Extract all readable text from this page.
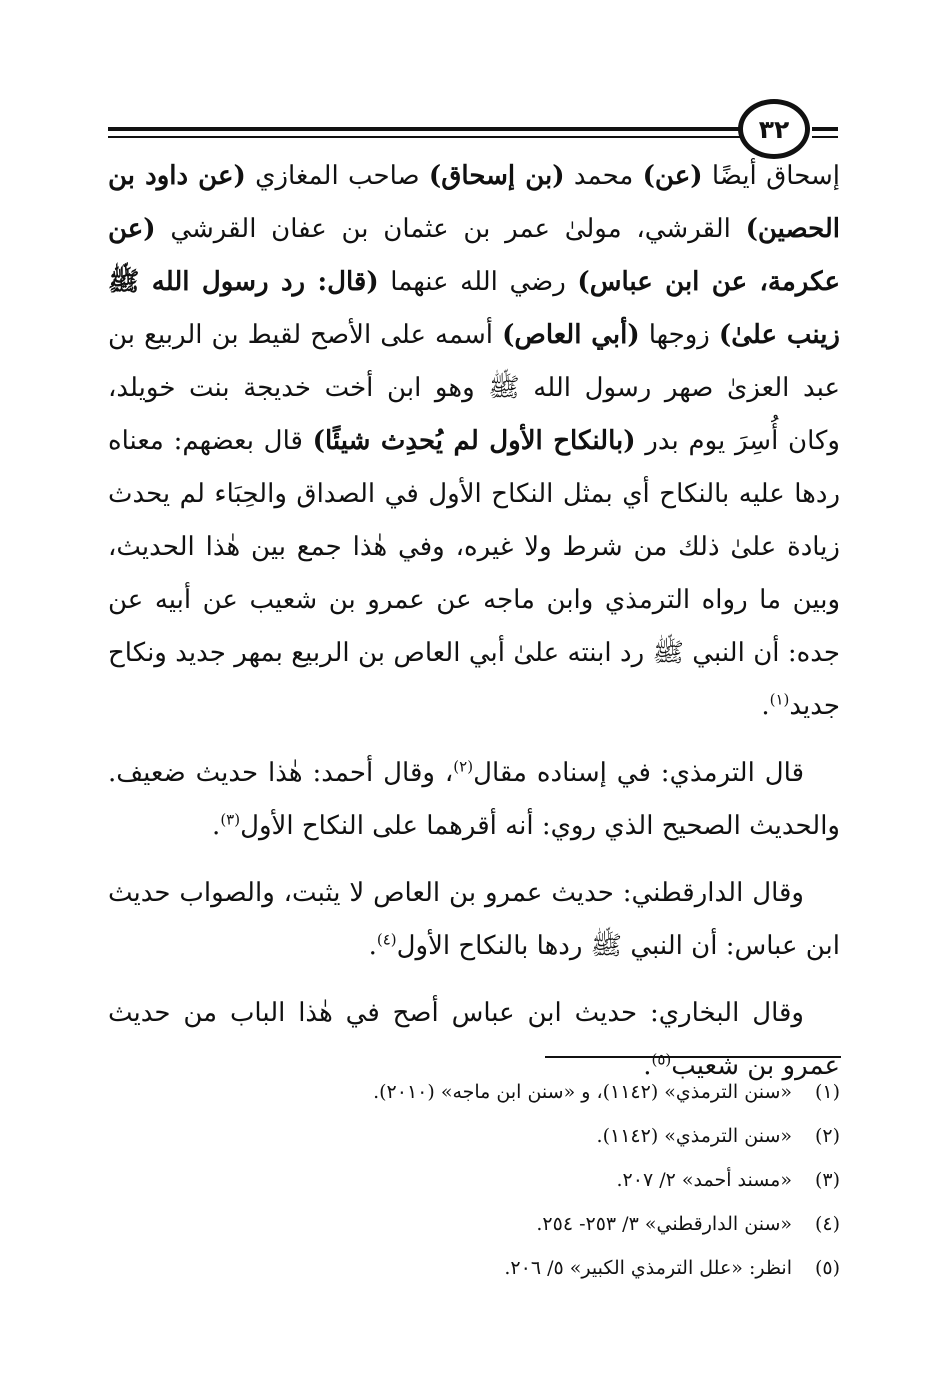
٣٢

إسحاق أيضًا (عن) محمد (بن إسحاق) صاحب المغازي (عن داود بن الحصين) القرشي، مولىٰ عمر بن عثمان بن عفان القرشي (عن عكرمة، عن ابن عباس) رضي الله عنهما (قال: رد رسول الله ﷺ زينب علىٰ) زوجها (أبي العاص) أسمه على الأصح لقيط بن الربيع بن عبد العزىٰ صهر رسول الله ﷺ وهو ابن أخت خديجة بنت خويلد، وكان أُسِرَ يوم بدر (بالنكاح الأول لم يُحدِث شيئًا) قال بعضهم: معناه ردها عليه بالنكاح أي بمثل النكاح الأول في الصداق والحِبَاء لم يحدث زيادة علىٰ ذلك من شرط ولا غيره، وفي هٰذا جمع بين هٰذا الحديث، وبين ما رواه الترمذي وابن ماجه عن عمرو بن شعيب عن أبيه عن جده: أن النبي ﷺ رد ابنته علىٰ أبي العاص بن الربيع بمهر جديد ونكاح جديد$^{(١)}$.

قال الترمذي: في إسناده مقال$^{(٢)}$، وقال أحمد: هٰذا حديث ضعيف. والحديث الصحيح الذي روي: أنه أقرهما على النكاح الأول$^{(٣)}$.

وقال الدارقطني: حديث عمرو بن العاص لا يثبت، والصواب حديث ابن عباس: أن النبي ﷺ ردها بالنكاح الأول$^{(٤)}$.

وقال البخاري: حديث ابن عباس أصح في هٰذا الباب من حديث عمرو بن شعيب$^{(٥)}$.

(١)
«سنن الترمذي» (١١٤٢)، و «سنن ابن ماجه» (٢٠١٠).
(٢)
«سنن الترمذي» (١١٤٢).
(٣)
«مسند أحمد» ٢/ ٢٠٧.
(٤)
«سنن الدارقطني» ٣/ ٢٥٣- ٢٥٤.
(٥)
انظر: «علل الترمذي الكبير» ٥/ ٢٠٦.
